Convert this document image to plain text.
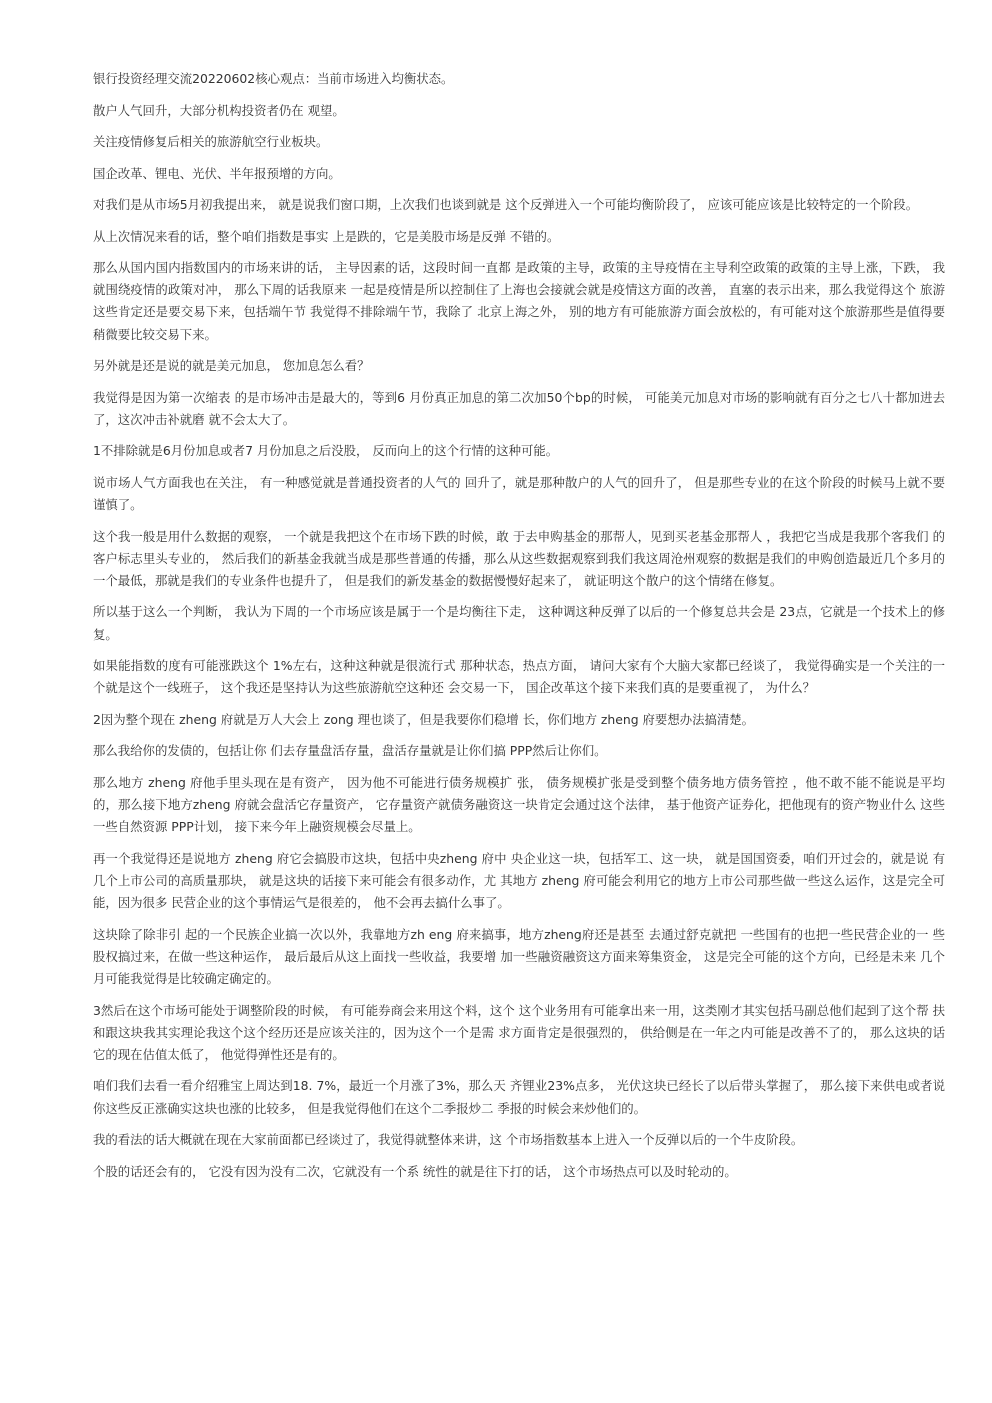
银行投资经理交流20220602核心观点：当前市场进入均衡状态。

散户人气回升，大部分机构投资者仍在 观望。

关注疫情修复后相关的旅游航空行业板块。

国企改革、锂电、光伏、半年报预增的方向。

对我们是从市场5月初我提出来， 就是说我们窗口期，上次我们也谈到就是 这个反弹进入一个可能均衡阶段了， 应该可能应该是比较特定的一个阶段。

从上次情况来看的话，整个咱们指数是事实 上是跌的，它是美股市场是反弹 不错的。

那么从国内国内指数国内的市场来讲的话， 主导因素的话，这段时间一直都 是政策的主导，政策的主导疫情在主导利空政策的政策的主导上涨，下跌， 我就围绕疫情的政策对冲， 那么下周的话我原来 一起是疫情是所以控制住了上海也会接就会就是疫情这方面的改善， 直塞的表示出来，那么我觉得这个 旅游这些肯定还是要交易下来，包括端午节 我觉得不排除端午节，我除了 北京上海之外， 别的地方有可能旅游方面会放松的，有可能对这个旅游那些是值得要稍微要比较交易下来。

另外就是还是说的就是美元加息， 您加息怎么看？

我觉得是因为第一次缩表 的是市场冲击是最大的，等到6 月份真正加息的第二次加50个bp的时候， 可能美元加息对市场的影响就有百分之七八十都加进去了，这次冲击补就磨 就不会太大了。

1不排除就是6月份加息或者7 月份加息之后没股， 反而向上的这个行情的这种可能。

说市场人气方面我也在关注， 有一种感觉就是普通投资者的人气的 回升了，就是那种散户的人气的回升了， 但是那些专业的在这个阶段的时候马上就不要谨慎了。

这个我一般是用什么数据的观察， 一个就是我把这个在市场下跌的时候，敢 于去申购基金的那帮人，见到买老基金那帮人 ，我把它当成是我那个客我们 的客户标志里头专业的， 然后我们的新基金我就当成是那些普通的传播，那么从这些数据观察到我们我这周沧州观察的数据是我们的申购创造最近几个多月的一个最低，那就是我们的专业条件也提升了， 但是我们的新发基金的数据慢慢好起来了， 就证明这个散户的这个情绪在修复。

所以基于这么一个判断， 我认为下周的一个市场应该是属于一个是均衡往下走， 这种调这种反弹了以后的一个修复总共会是 23点，它就是一个技术上的修复。

如果能指数的度有可能涨跌这个 1%左右，这种这种就是很流行式 那种状态，热点方面， 请问大家有个大脑大家都已经谈了， 我觉得确实是一个关注的一个就是这个一线班子， 这个我还是坚持认为这些旅游航空这种还 会交易一下， 国企改革这个接下来我们真的是要重视了， 为什么？

2因为整个现在 zheng 府就是万人大会上 zong 理也谈了，但是我要你们稳增 长，你们地方 zheng 府要想办法搞清楚。

那么我给你的发债的，包括让你 们去存量盘活存量，盘活存量就是让你们搞 PPP然后让你们。

那么地方 zheng 府他手里头现在是有资产， 因为他不可能进行债务规模扩 张， 债务规模扩张是受到整个债务地方债务管控 ，他不敢不能不能说是平均的，那么接下地方zheng 府就会盘活它存量资产， 它存量资产就债务融资这一块肯定会通过这个法律， 基于他资产证券化，把他现有的资产物业什么 这些一些自然资源 PPP计划， 接下来今年上融资规模会尽量上。

再一个我觉得还是说地方 zheng 府它会搞股市这块，包括中央zheng 府中 央企业这一块，包括军工、这一块， 就是国国资委，咱们开过会的，就是说 有几个上市公司的高质量那块， 就是这块的话接下来可能会有很多动作，尤 其地方 zheng 府可能会利用它的地方上市公司那些做一些这么运作，这是完全可能，因为很多 民营企业的这个事情运气是很差的， 他不会再去搞什么事了。

这块除了除非引 起的一个民族企业搞一次以外，我靠地方zh eng 府来搞事，地方zheng府还是甚至 去通过舒克就把 一些国有的也把一些民营企业的一 些股权搞过来，在做一些这种运作， 最后最后从这上面找一些收益，我要增 加一些融资融资这方面来筹集资金， 这是完全可能的这个方向，已经是未来 几个月可能我觉得是比较确定确定的。

3然后在这个市场可能处于调整阶段的时候， 有可能券商会来用这个料，这个 这个业务用有可能拿出来一用，这类刚才其实包括马副总他们起到了这个帮 扶和跟这块我其实理论我这个这个经历还是应该关注的，因为这个一个是需 求方面肯定是很强烈的， 供给侧是在一年之内可能是改善不了的， 那么这块的话它的现在估值太低了， 他觉得弹性还是有的。

咱们我们去看一看介绍雅宝上周达到18. 7%，最近一个月涨了3%，那么天 齐锂业23%点多， 光伏这块已经长了以后带头掌握了， 那么接下来供电或者说你这些反正涨确实这块也涨的比较多， 但是我觉得他们在这个二季报炒二 季报的时候会来炒他们的。

我的看法的话大概就在现在大家前面都已经谈过了，我觉得就整体来讲，这 个市场指数基本上进入一个反弹以后的一个牛皮阶段。

个股的话还会有的， 它没有因为没有二次，它就没有一个系 统性的就是往下打的话， 这个市场热点可以及时轮动的。
